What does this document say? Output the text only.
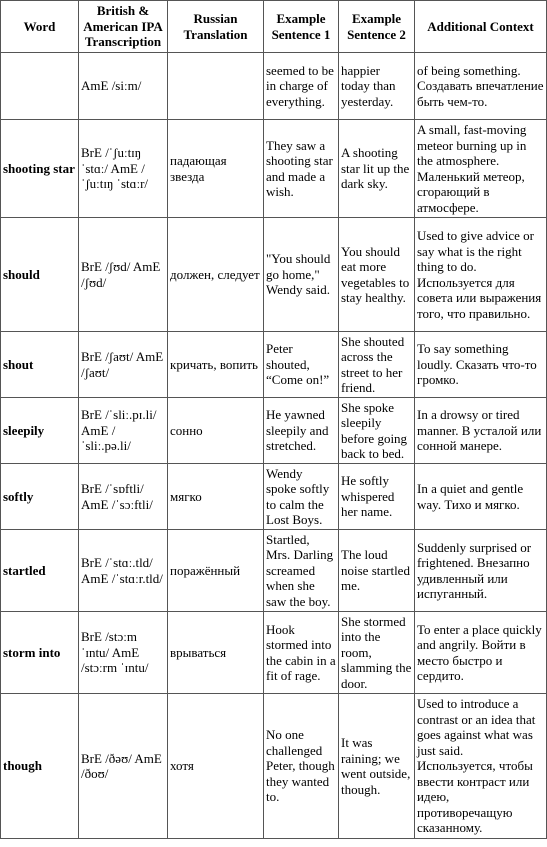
Word	British & American IPA Transcription	Russian Translation	Example Sentence 1	Example Sentence 2	Additional Context
	AmE /siːm/		seemed to be in charge of everything.	happier today than yesterday.	of being something. Создавать впечатление быть чем-то.
shooting star	BrE /ˈʃuːtɪŋ ˈstɑː/ AmE /ˈʃuːtɪŋ ˈstɑːr/	падающая звезда	They saw a shooting star and made a wish.	A shooting star lit up the dark sky.	A small, fast-moving meteor burning up in the atmosphere. Маленький метеор, сгорающий в атмосфере.
should	BrE /ʃʊd/ AmE /ʃʊd/	должен, следует	"You should go home," Wendy said.	You should eat more vegetables to stay healthy.	Used to give advice or say what is the right thing to do. Используется для совета или выражения того, что правильно.
shout	BrE /ʃaʊt/ AmE /ʃaʊt/	кричать, вопить	Peter shouted, “Come on!”	She shouted across the street to her friend.	To say something loudly. Сказать что-то громко.
sleepily	BrE /ˈsliː.pɪ.li/ AmE /ˈsliː.pə.li/	сонно	He yawned sleepily and stretched.	She spoke sleepily before going back to bed.	In a drowsy or tired manner. В усталой или сонной манере.
softly	BrE /ˈsɒftli/ AmE /ˈsɔːftli/	мягко	Wendy spoke softly to calm the Lost Boys.	He softly whispered her name.	In a quiet and gentle way. Тихо и мягко.
startled	BrE /ˈstɑː.tld/ AmE /ˈstɑːr.tld/	поражённый	Startled, Mrs. Darling screamed when she saw the boy.	The loud noise startled me.	Suddenly surprised or frightened. Внезапно удивленный или испуганный.
storm into	BrE /stɔːm ˈɪntu/ AmE /stɔːrm ˈɪntu/	врываться	Hook stormed into the cabin in a fit of rage.	She stormed into the room, slamming the door.	To enter a place quickly and angrily. Войти в место быстро и сердито.
though	BrE /ðəʊ/ AmE /ðoʊ/	хотя	No one challenged Peter, though they wanted to.	It was raining; we went outside, though.	Used to introduce a contrast or an idea that goes against what was just said. Используется, чтобы ввести контраст или идею, противоречащую сказанному.
